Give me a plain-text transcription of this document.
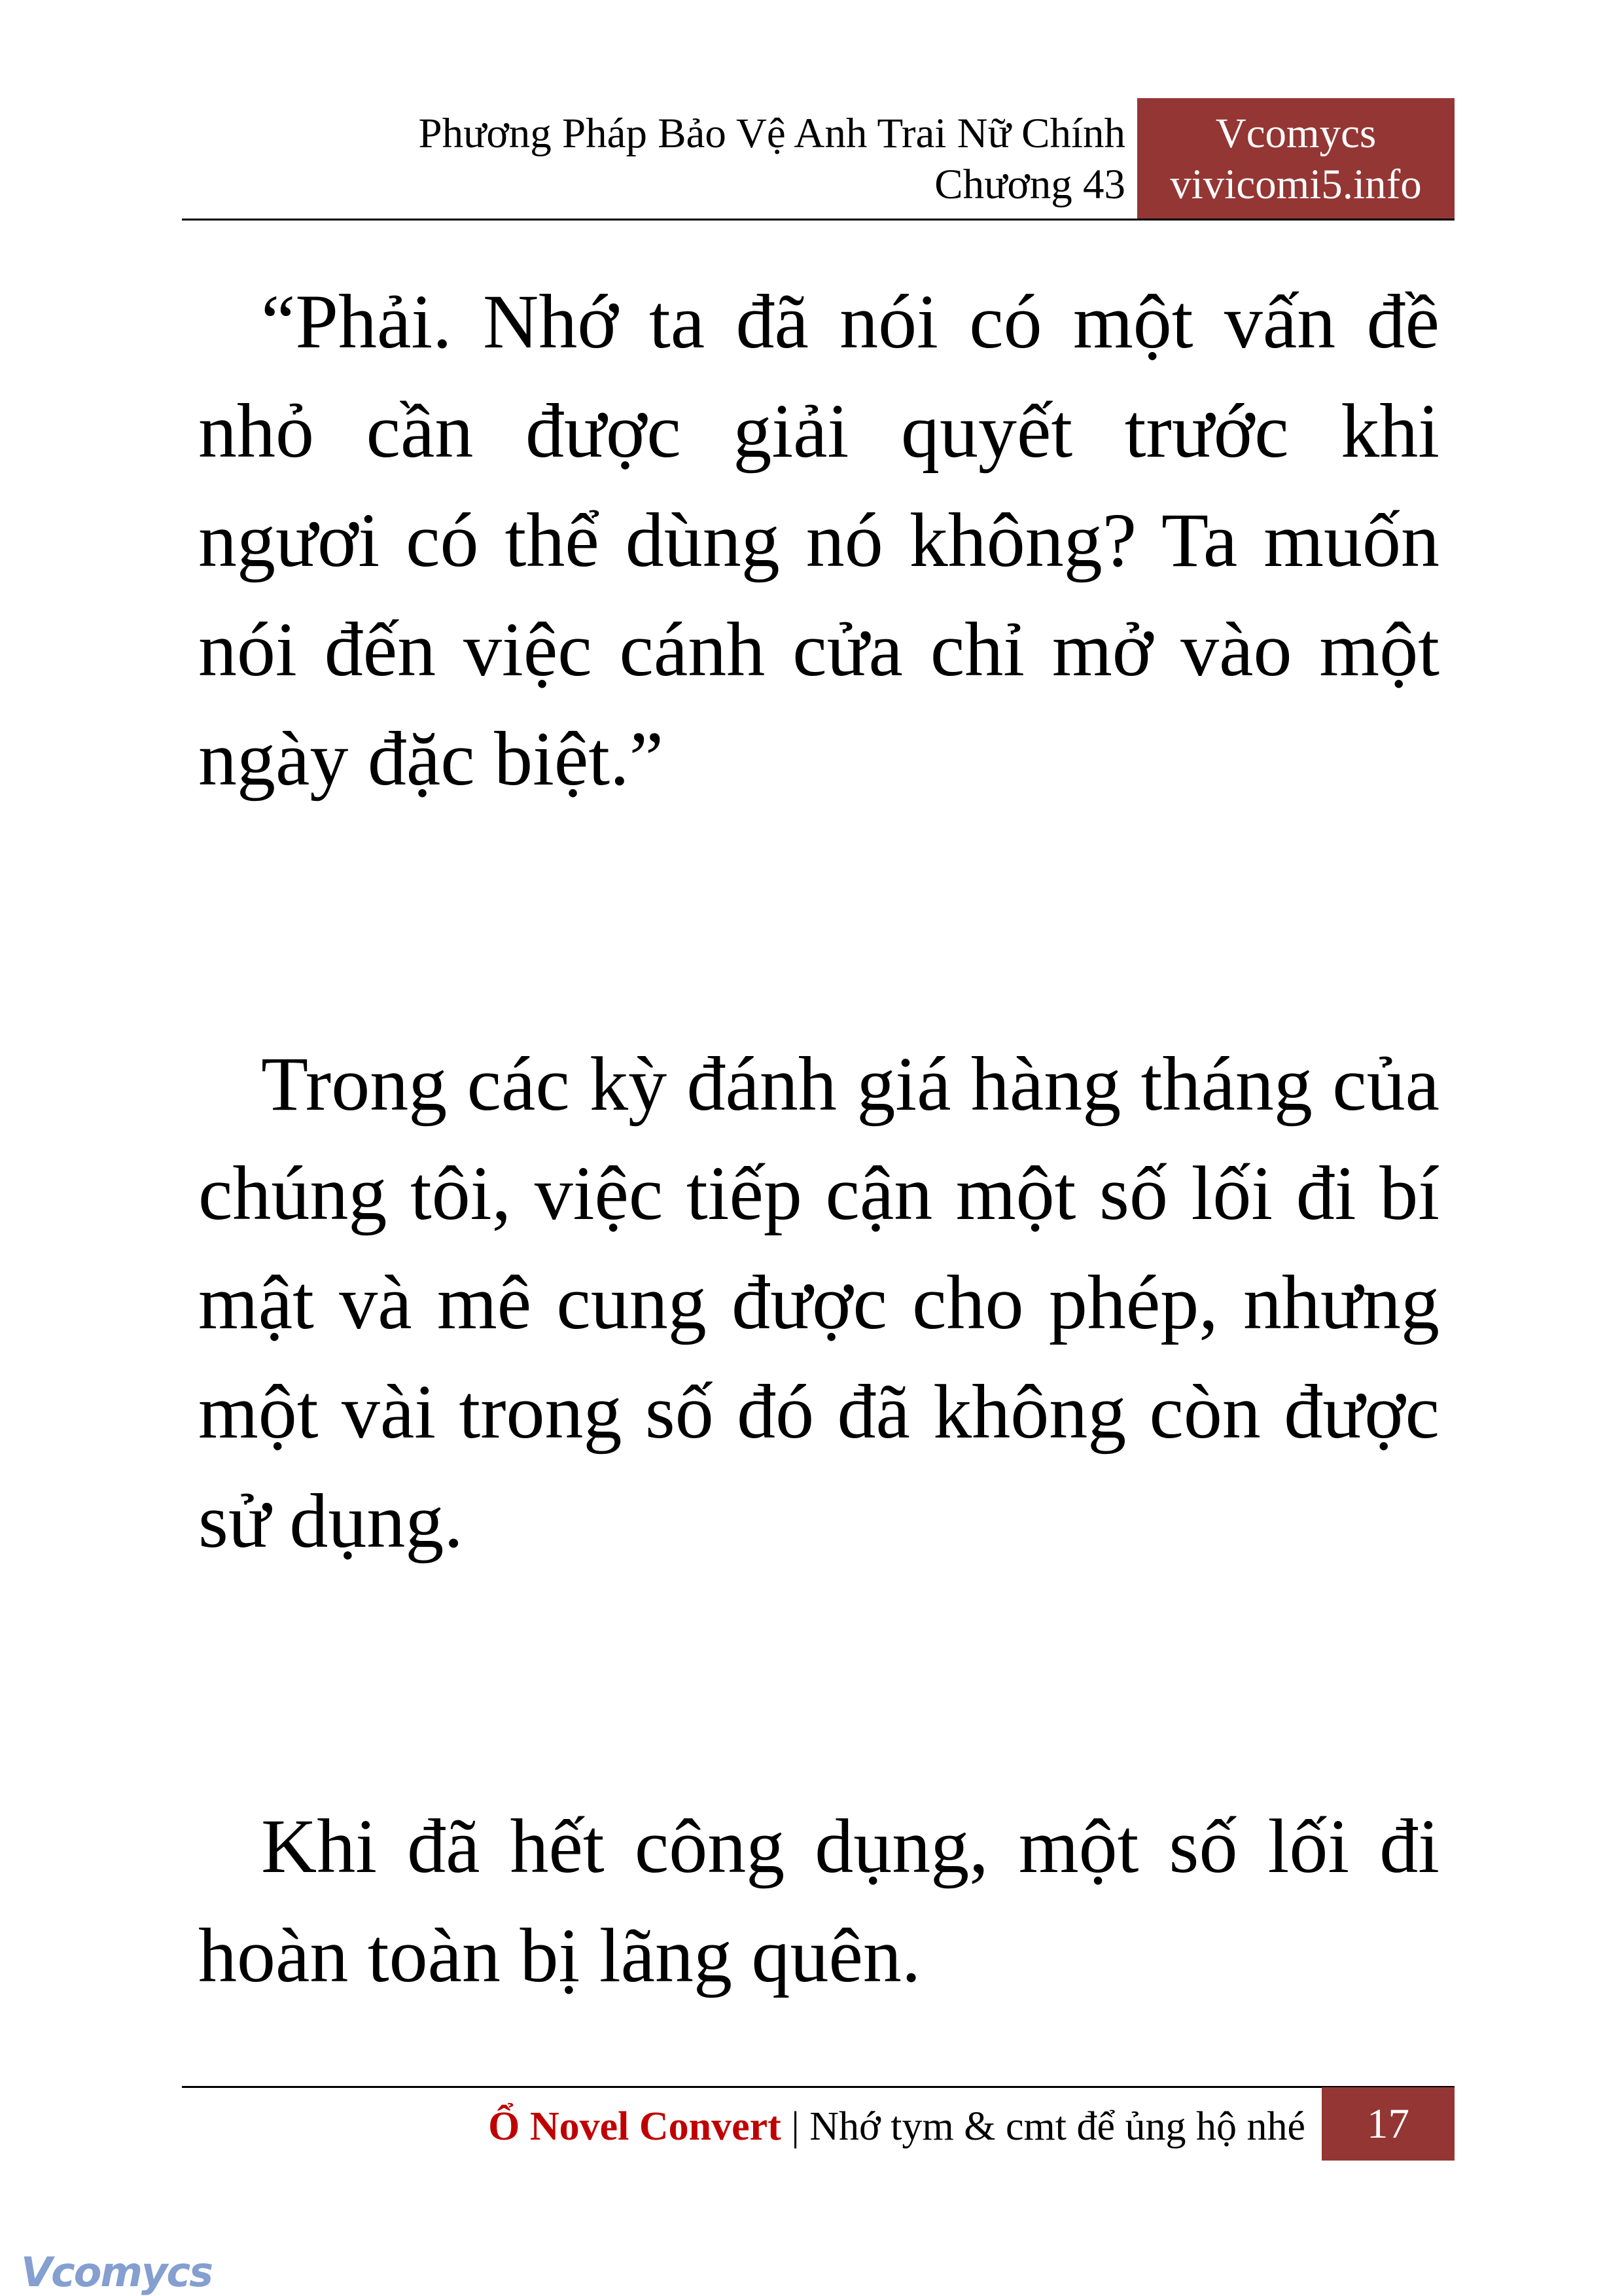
Phương Pháp Bảo Vệ Anh Trai Nữ Chính
Chương 43
Vcomycs
vivicomi5.info

“Phải. Nhớ ta đã nói có một vấn đề nhỏ cần được giải quyết trước khi ngươi có thể dùng nó không? Ta muốn nói đến việc cánh cửa chỉ mở vào một ngày đặc biệt.”

Trong các kỳ đánh giá hàng tháng của chúng tôi, việc tiếp cận một số lối đi bí mật và mê cung được cho phép, nhưng một vài trong số đó đã không còn được sử dụng.

Khi đã hết công dụng, một số lối đi hoàn toàn bị lãng quên.

Ổ Novel Convert | Nhớ tym & cmt để ủng hộ nhé	17
Vcomycs
